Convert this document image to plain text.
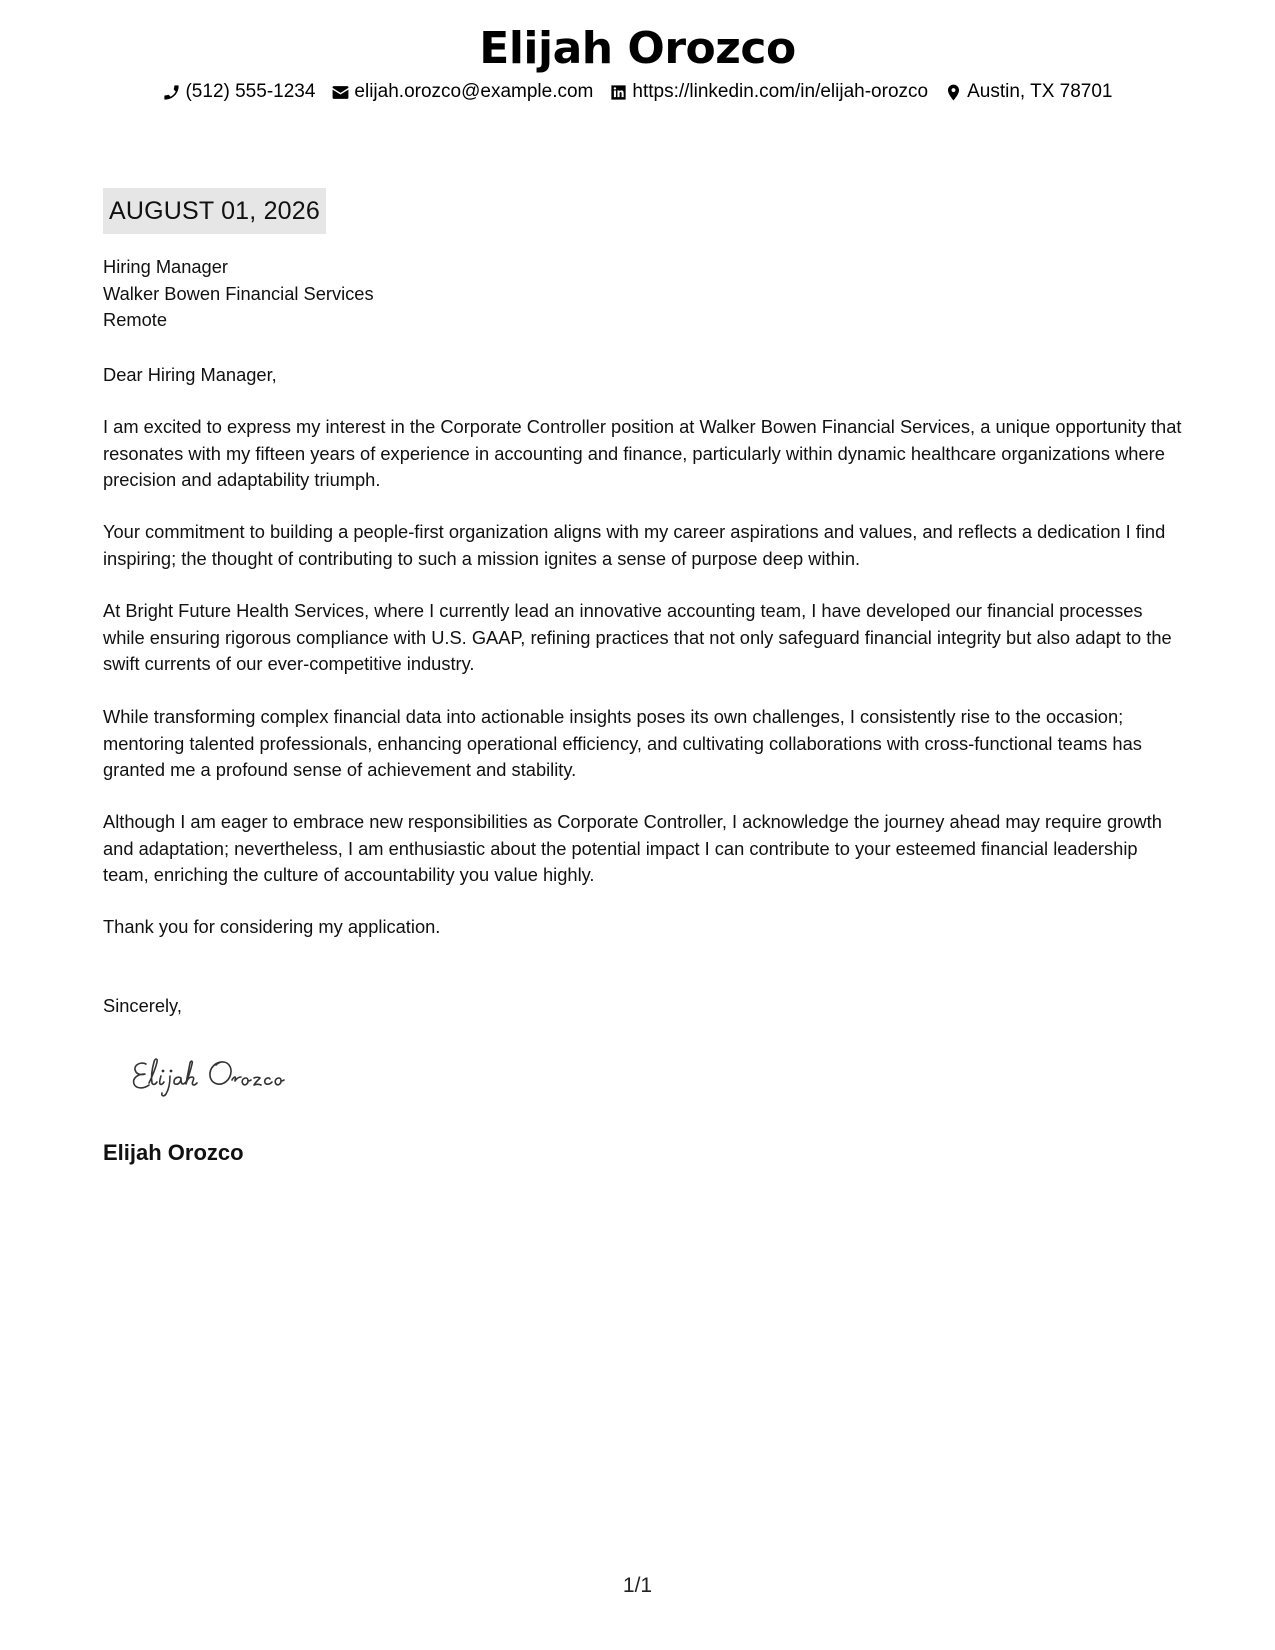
Elijah Orozco
(512) 555-1234 elijah.orozco@example.com https://linkedin.com/in/elijah-orozco Austin, TX 78701
AUGUST 01, 2026
Hiring Manager
Walker Bowen Financial Services
Remote
Dear Hiring Manager,
I am excited to express my interest in the Corporate Controller position at Walker Bowen Financial Services, a unique opportunity that resonates with my fifteen years of experience in accounting and finance, particularly within dynamic healthcare organizations where precision and adaptability triumph.
Your commitment to building a people-first organization aligns with my career aspirations and values, and reflects a dedication I find inspiring; the thought of contributing to such a mission ignites a sense of purpose deep within.
At Bright Future Health Services, where I currently lead an innovative accounting team, I have developed our financial processes while ensuring rigorous compliance with U.S. GAAP, refining practices that not only safeguard financial integrity but also adapt to the swift currents of our ever-competitive industry.
While transforming complex financial data into actionable insights poses its own challenges, I consistently rise to the occasion; mentoring talented professionals, enhancing operational efficiency, and cultivating collaborations with cross-functional teams has granted me a profound sense of achievement and stability.
Although I am eager to embrace new responsibilities as Corporate Controller, I acknowledge the journey ahead may require growth and adaptation; nevertheless, I am enthusiastic about the potential impact I can contribute to your esteemed financial leadership team, enriching the culture of accountability you value highly.
Thank you for considering my application.
Sincerely,
Elijah Orozco
1/1
